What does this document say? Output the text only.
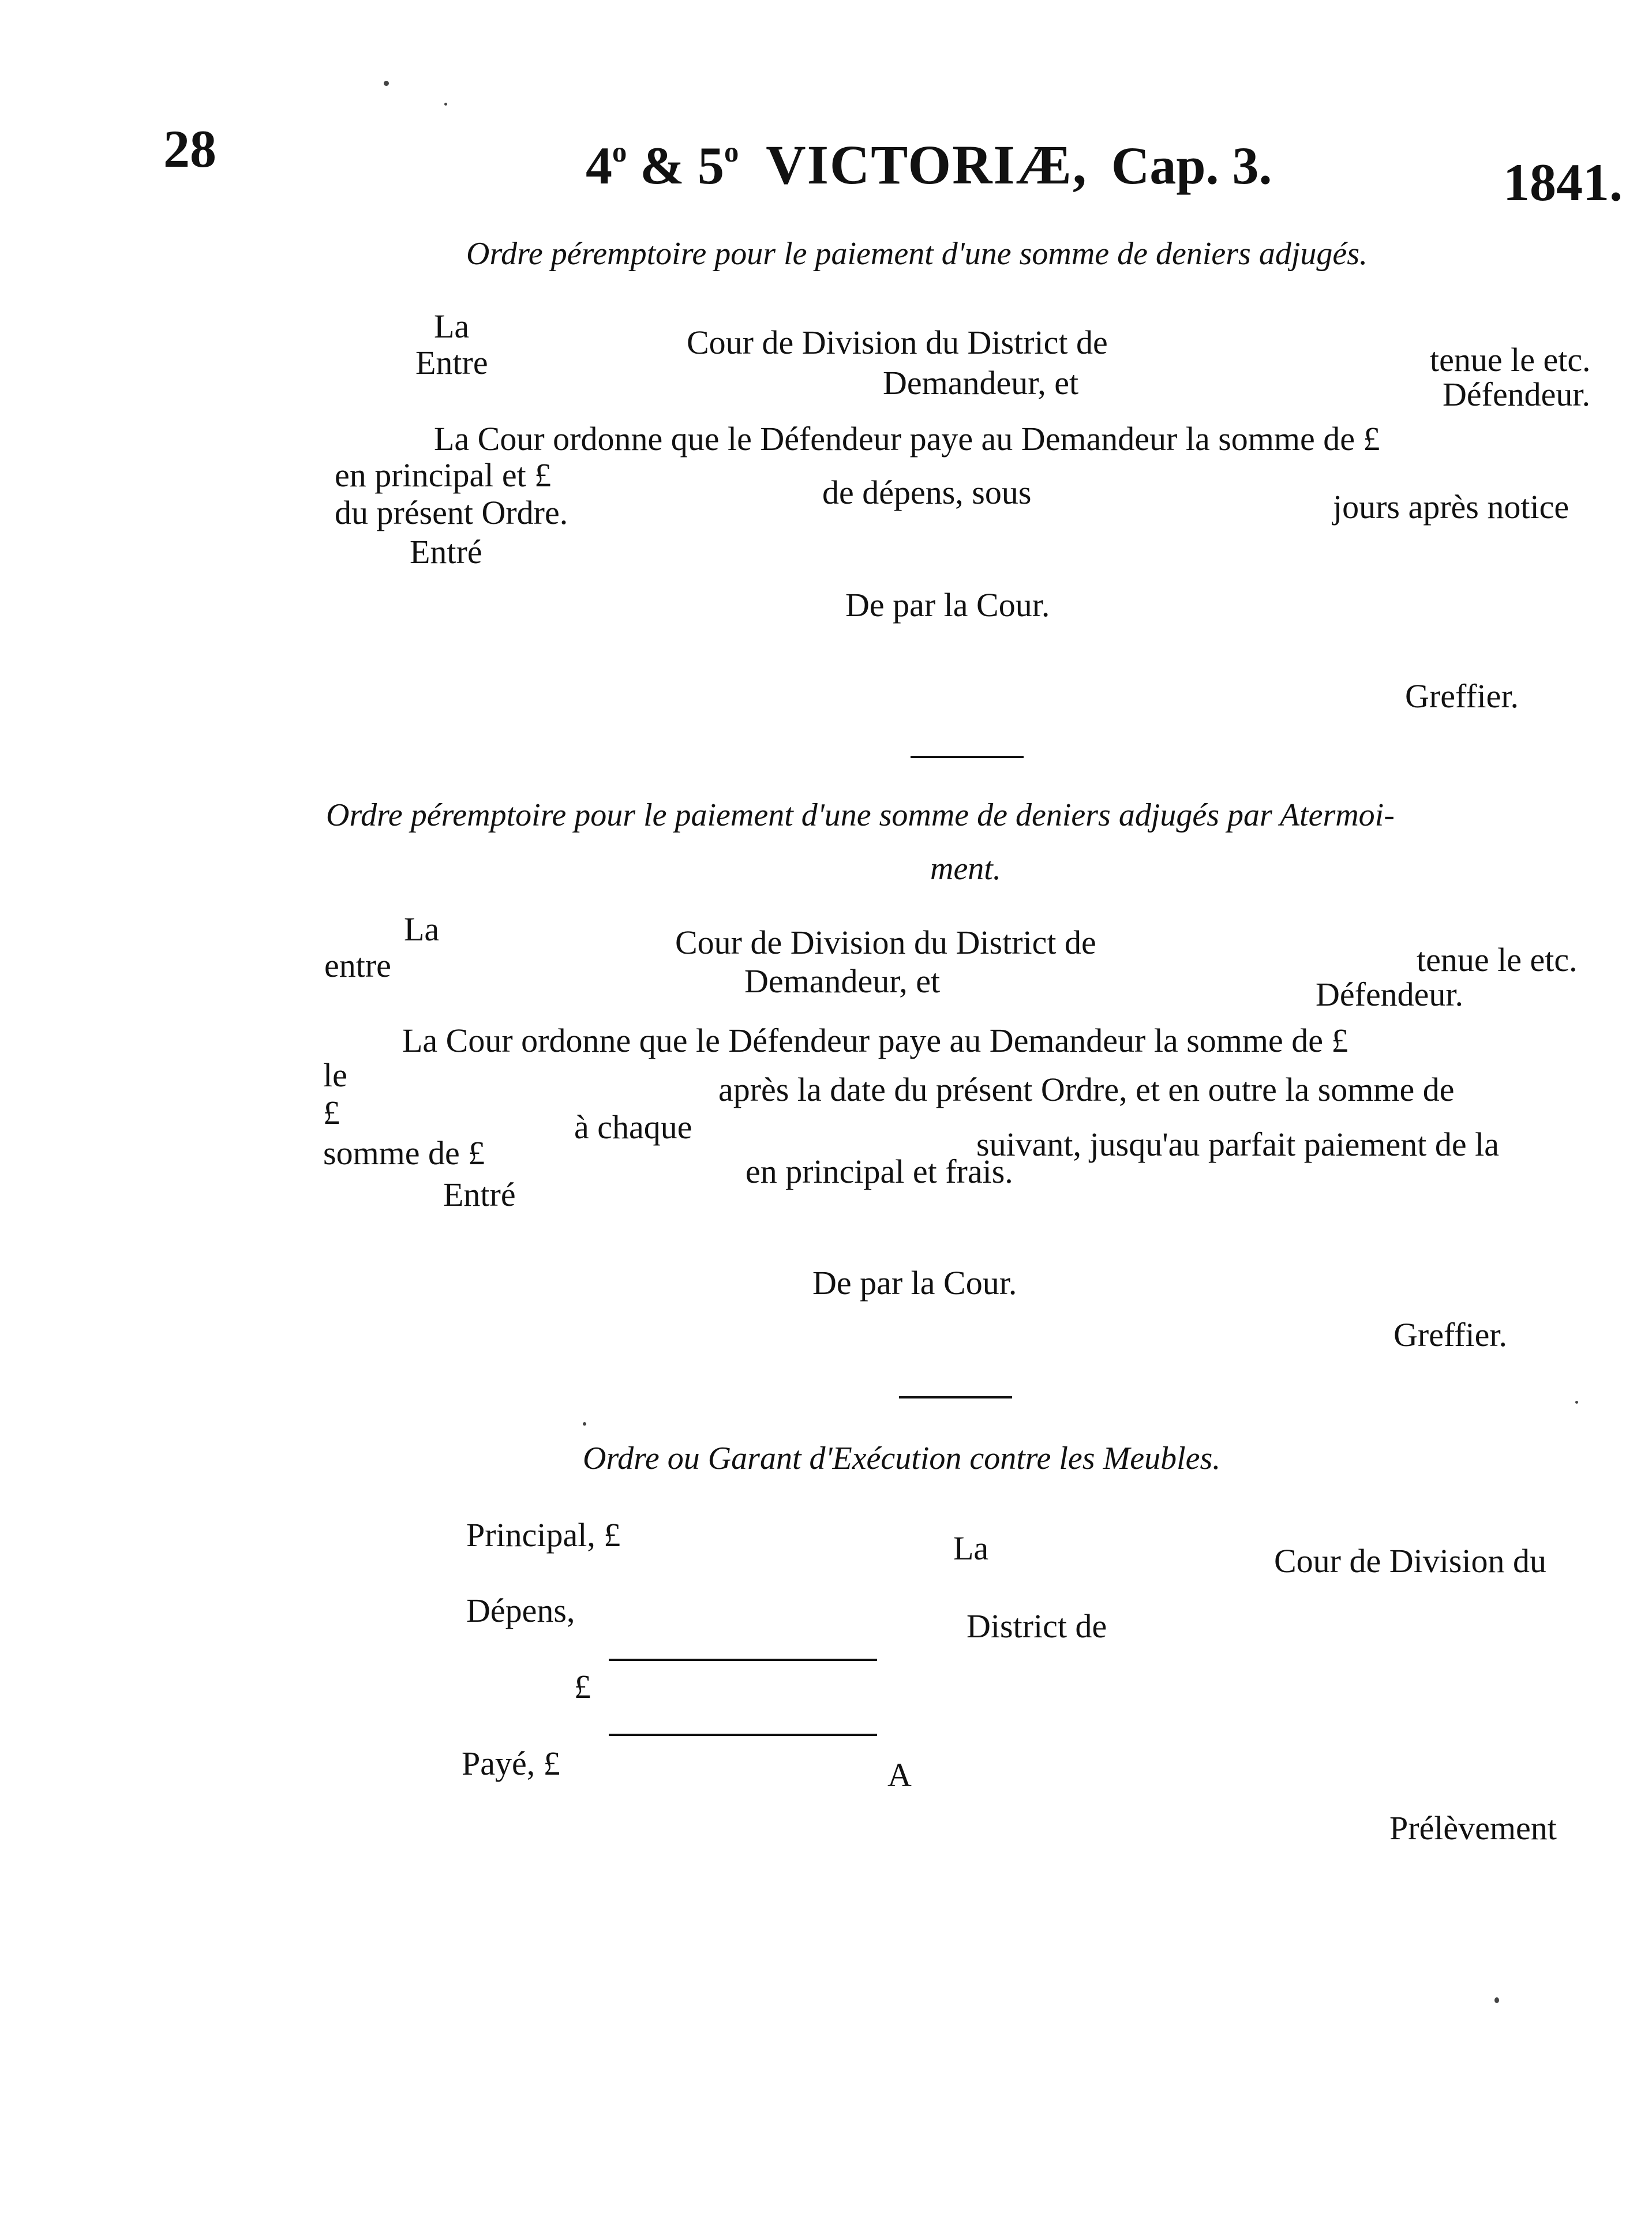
28	4$^o$ & 5$^o$ VICTORIÆ, Cap. 3.	1841.
Ordre péremptoire pour le paiement d'une somme de deniers adjugés.
La
Entre
Cour de Division du District de
Demandeur, et
tenue le etc.
Défendeur.
La Cour ordonne que le Défendeur paye au Demandeur la somme de £
en principal et £	de dépens, sous	jours après notice
du présent Ordre.
Entré
De par la Cour.
Greffier.
Ordre péremptoire pour le paiement d'une somme de deniers adjugés par Atermoi-
ment.
La
entre
Cour de Division du District de
Demandeur, et
tenue le etc.
Défendeur.
La Cour ordonne que le Défendeur paye au Demandeur la somme de £
le
£
après la date du présent Ordre, et en outre la somme de
à chaque	suivant, jusqu'au parfait paiement de la
somme de £	en principal et frais.
Entré
De par la Cour.
Greffier.
Ordre ou Garant d'Exécution contre les Meubles.
Principal, £	La	Cour de Division du
Dépens,	District de
£
Payé, £	A
Prélèvement
